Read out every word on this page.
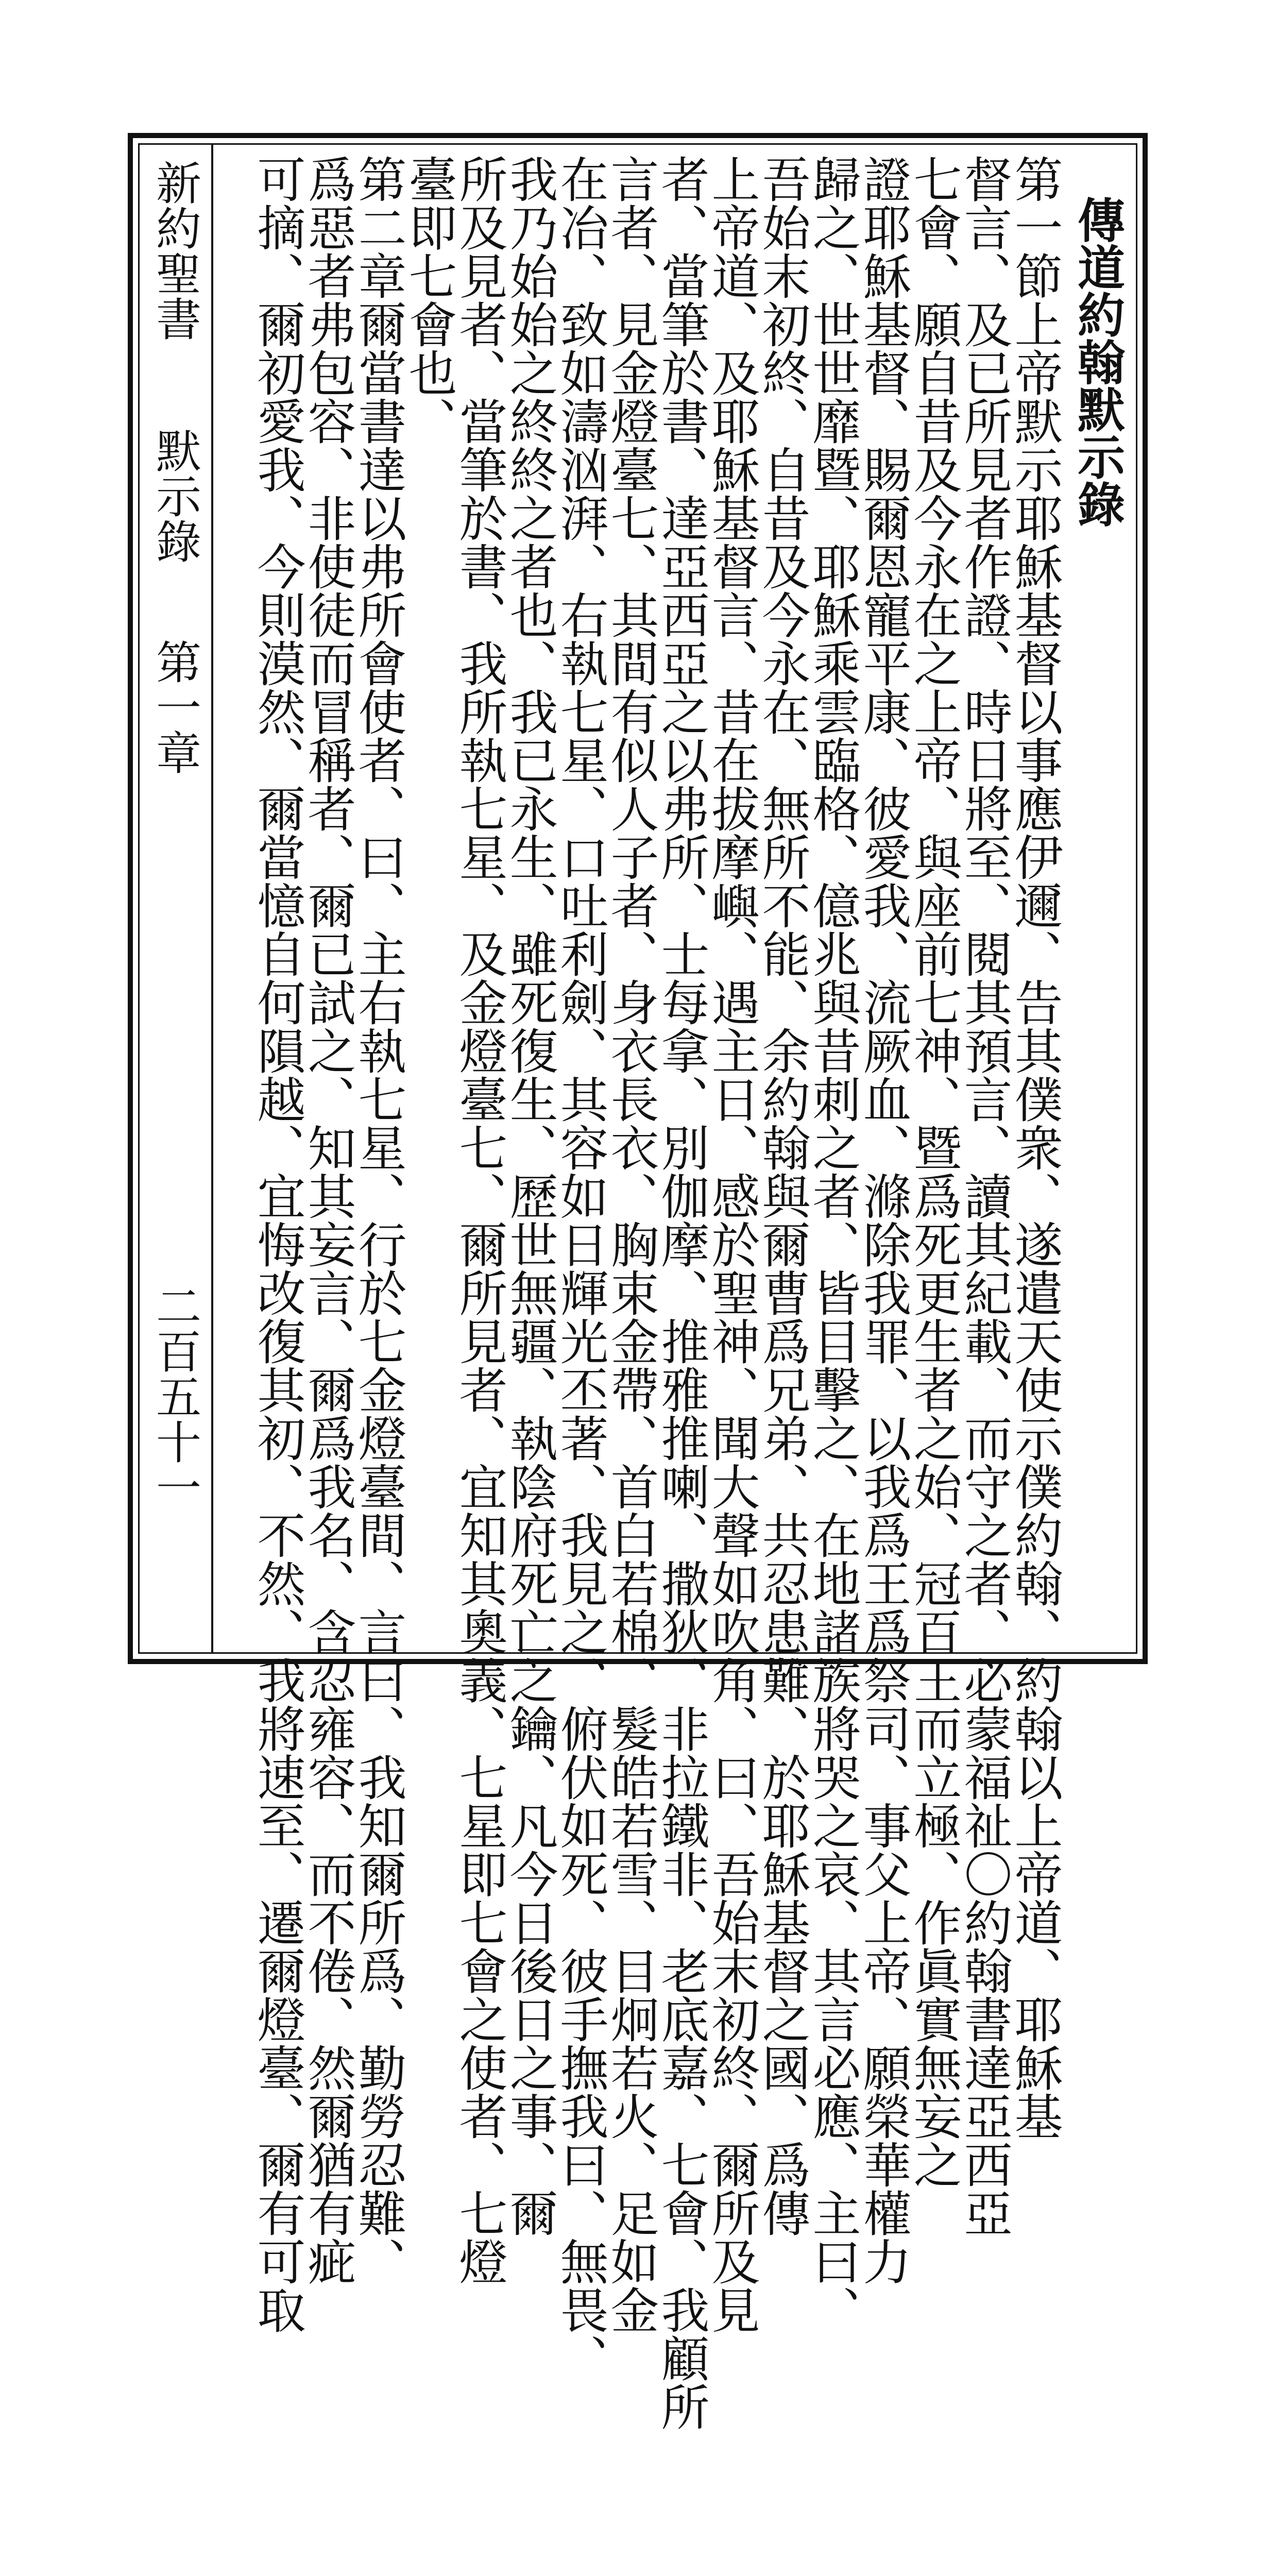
傳道約翰默示錄
第一節上帝默示耶穌基督以事應伊邇、告其僕衆、遂遣天使示僕約翰、約翰以上帝道、耶穌基
督言、及已所見者作證、時日將至、閱其預言、讀其紀載、而守之者、必蒙福祉〇約翰書達亞西亞
七會、願自昔及今永在之上帝、與座前七神、暨爲死更生者之始、冠百王而立極、作眞實無妄之
證耶穌基督、賜爾恩寵平康、彼愛我、流厥血、滌除我罪、以我爲王爲祭司、事父上帝、願榮華權力
歸之、世世靡暨、耶穌乘雲臨格、億兆與昔刺之者、皆目擊之、在地諸族將哭之哀、其言必應、主曰、
吾始末初終、自昔及今永在、無所不能、余約翰與爾曹爲兄弟、共忍患難、於耶穌基督之國、爲傳
上帝道、及耶穌基督言、昔在拔摩嶼、遇主日、感於聖神、聞大聲如吹角、曰、吾始末初終、爾所及見
者、當筆於書、達亞西亞之以弗所、士每拿、別伽摩、推雅推喇、撒狄、非拉鐵非、老底嘉、七會、我顧所
言者、見金燈臺七、其間有似人子者、身衣長衣、胸束金帶、首白若棉、髮皓若雪、目炯若火、足如金
在冶、致如濤汹湃、右執七星、口吐利劍、其容如日輝光丕著、我見之、俯伏如死、彼手撫我曰、無畏、
我乃始始之終終之者也、我已永生、雖死復生、歷世無疆、執陰府死亡之鑰、凡今日後日之事、爾
所及見者、當筆於書、我所執七星、及金燈臺七、爾所見者、宜知其奧義、七星即七會之使者、七燈
臺即七會也、
第二章爾當書達以弗所會使者、曰、主右執七星、行於七金燈臺間、言曰、我知爾所爲、勤勞忍難、
爲惡者弗包容、非使徒而冒稱者、爾已試之、知其妄言、爾爲我名、含忍雍容、而不倦、然爾猶有疵
可摘、爾初愛我、今則漠然、爾當憶自何隕越、宜悔改復其初、不然、我將速至、遷爾燈臺、爾有可取
新約聖書
默示錄
第一章
二百五十一
